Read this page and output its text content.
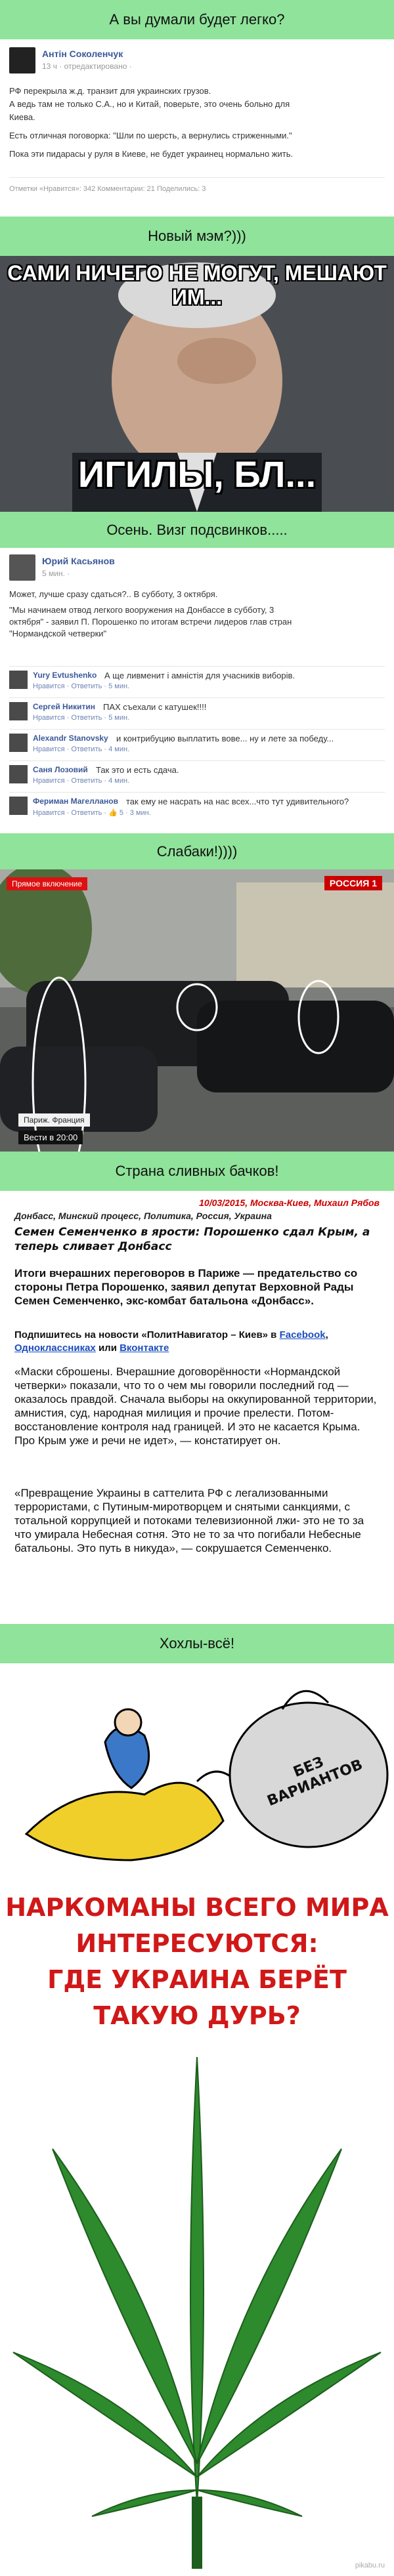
А вы думали будет легко?
Антін Соколенчук
13 ч · отредактировано ·
РФ перекрыла ж.д. транзит для украинских грузов.
А ведь там не только С.А., но и Китай, поверьте, это очень больно для
Киева.
Есть отличная поговорка: "Шли по шерсть, а вернулись стриженными."
Пока эти пидарасы у руля в Киеве, не будет украинец нормально жить.
Отметки «Нравится»: 342 Комментарии: 21 Поделились: 3
Новый мэм?)))
САМИ НИЧЕГО НЕ МОГУТ, МЕШАЮТ ИМ...
ИГИЛЫ, БЛ...
Осень. Визг подсвинков.....
Юрий Касьянов
5 мин. ·
Может, лучше сразу сдаться?.. В субботу, 3 октября.
"Мы начинаем отвод легкого вооружения на Донбассе в субботу, 3
октября" - заявил П. Порошенко по итогам встречи лидеров глав стран
"Нормандской четверки"
Yury Evtushenko А ще ливменит і амністія для учасників виборів.
Нравится · Ответить · 5 мин.
Сергей Никитин ПАХ съехали с катушек!!!!
Нравится · Ответить · 5 мин.
Alexandr Stanovsky и контрибуцию выплатить вове... ну и лете за победу...
Нравится · Ответить · 4 мин.
Саня Лозовий Так это и есть сдача.
Нравится · Ответить · 4 мин.
Фериман Магелланов так ему не насрать на нас всех...что тут удивительного?
Нравится · Ответить · 👍 5 · 3 мин.
Слабаки!))))
Прямое включение	РОССИЯ 1
Париж. Франция
Вести в 20:00
Страна сливных бачков!
10/03/2015, Москва-Киев, Михаил Рябов
Донбасс, Минский процесс, Политика, Россия, Украина
Семен Семенченко в ярости: Порошенко сдал Крым, а теперь сливает Донбасс
Итоги вчерашних переговоров в Париже — предательство со стороны Петра Порошенко, заявил депутат Верховной Рады Семен Семенченко, экс-комбат батальона «Донбасс».
Подпишитесь на новости «ПолитНавигатор – Киев» в Facebook, Одноклассниках или Вконтакте
«Маски сброшены. Вчерашние договорённости «Нормандской четверки» показали, что то о чем мы говорили последний год — оказалось правдой. Сначала выборы на оккупированной территории, амнистия, суд, народная милиция и прочие прелести. Потом- восстановление контроля над границей. И это не касается Крыма. Про Крым уже и речи не идет», — констатирует он.
«Превращение Украины в саттелита РФ с легализованными террористами, с Путиным-миротворцем и снятыми санкциями, с тотальной коррупцией и потоками телевизионной лжи- это не то за что умирала Небесная сотня. Это не то за что погибали Небесные батальоны. Это путь в никуда», — сокрушается Семенченко.
Хохлы-всё!
БЕЗ ВАРИАНТОВ
НАРКОМАНЫ ВСЕГО МИРА
ИНТЕРЕСУЮТСЯ:
ГДЕ УКРАИНА БЕРЁТ
ТАКУЮ ДУРЬ?
pikabu.ru
